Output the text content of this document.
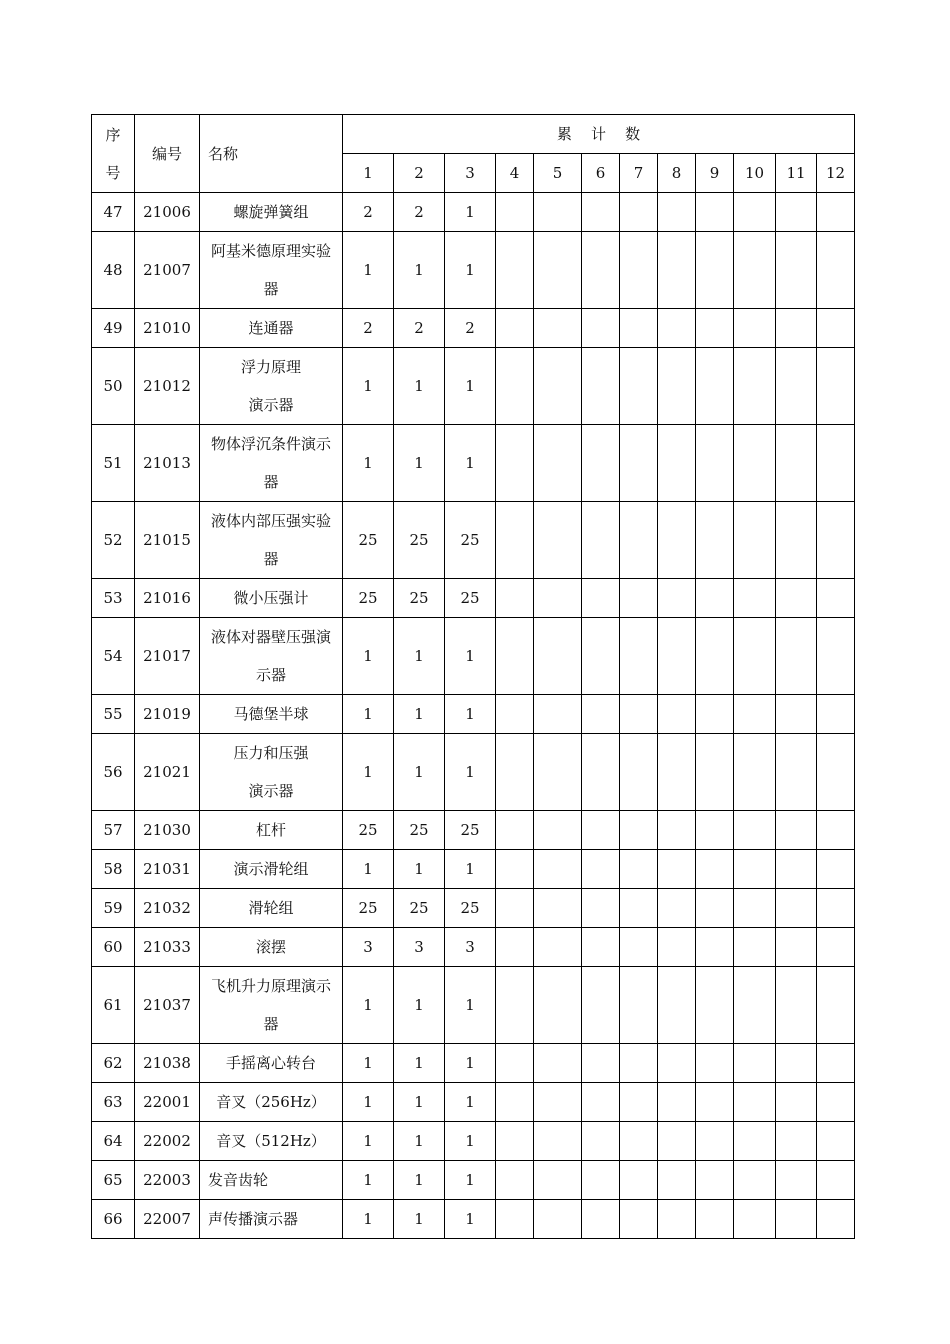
序
号	编号	名称	累    计    数											
			1	2	3	4	5	6	7	8	9	10	11	12
47	21006	螺旋弹簧组	2	2	1									
48	21007	阿基米德原理实验器	1	1	1									
49	21010	连通器	2	2	2									
50	21012	浮力原理
演示器	1	1	1									
51	21013	物体浮沉条件演示器	1	1	1									
52	21015	液体内部压强实验器	25	25	25									
53	21016	微小压强计	25	25	25									
54	21017	液体对器壁压强演示器	1	1	1									
55	21019	马德堡半球	1	1	1									
56	21021	压力和压强
演示器	1	1	1									
57	21030	杠杆	25	25	25									
58	21031	演示滑轮组	1	1	1									
59	21032	滑轮组	25	25	25									
60	21033	滚摆	3	3	3									
61	21037	飞机升力原理演示器	1	1	1									
62	21038	手摇离心转台	1	1	1									
63	22001	音叉（256Hz）	1	1	1									
64	22002	音叉（512Hz）	1	1	1									
65	22003	发音齿轮	1	1	1									
66	22007	声传播演示器	1	1	1									
